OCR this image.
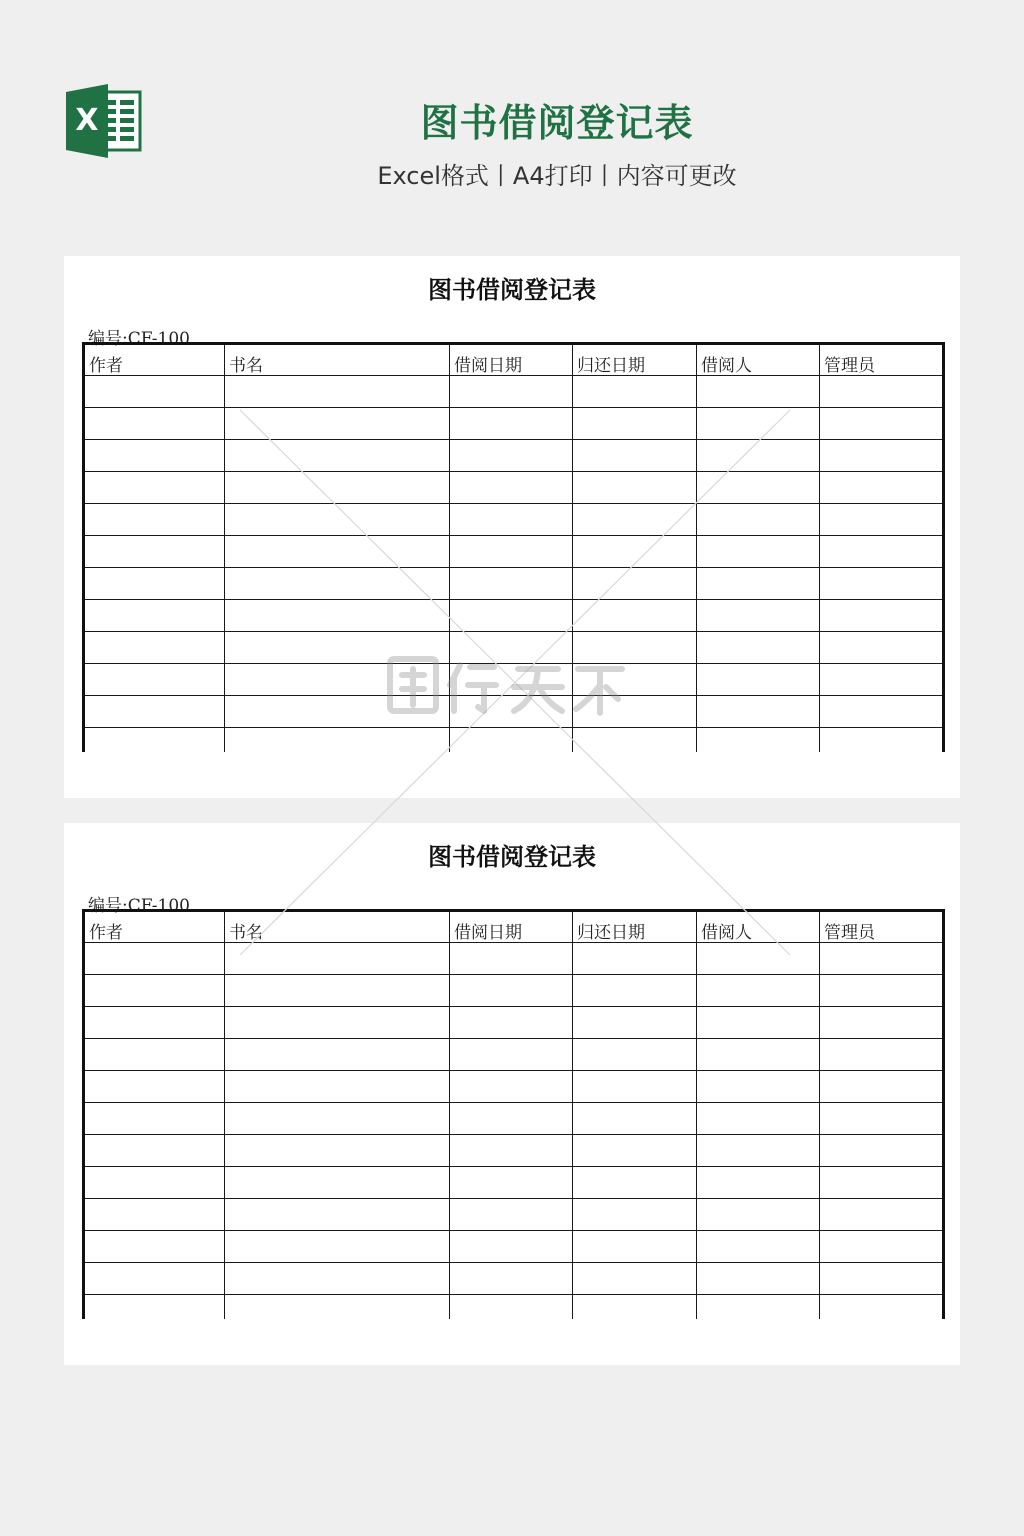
X	图书借阅登记表
Excel格式丨A4打印丨内容可更改
图书借阅登记表
编号:CF-100
作者	书名	借阅日期	归还日期	借阅人	管理员

图书借阅登记表
编号:CF-100
作者	书名	借阅日期	归还日期	借阅人	管理员
